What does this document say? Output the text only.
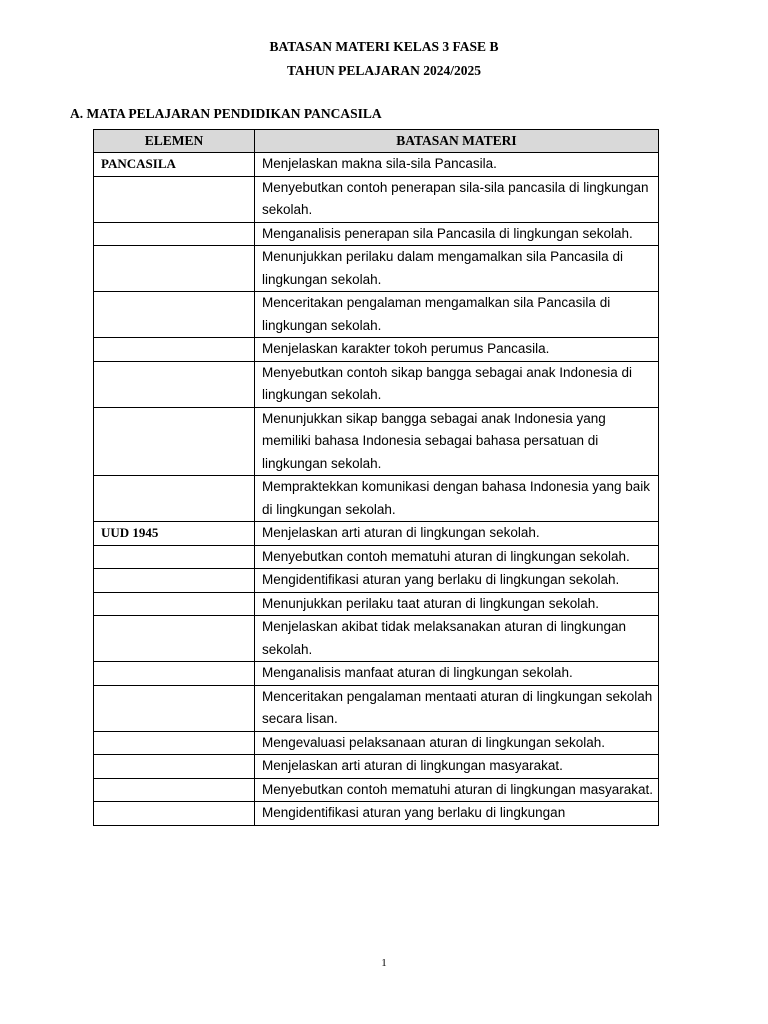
BATASAN MATERI KELAS 3 FASE B
TAHUN PELAJARAN 2024/2025
A. MATA PELAJARAN PENDIDIKAN PANCASILA
ELEMEN	BATASAN MATERI
PANCASILA	Menjelaskan makna sila-sila Pancasila.
	Menyebutkan contoh penerapan sila-sila pancasila di lingkungan sekolah.
	Menganalisis penerapan sila Pancasila di lingkungan sekolah.
	Menunjukkan perilaku dalam mengamalkan sila Pancasila di lingkungan sekolah.
	Menceritakan pengalaman mengamalkan sila Pancasila di lingkungan sekolah.
	Menjelaskan karakter tokoh perumus Pancasila.
	Menyebutkan contoh sikap bangga sebagai anak Indonesia di lingkungan sekolah.
	Menunjukkan sikap bangga sebagai anak Indonesia yang memiliki bahasa Indonesia sebagai bahasa persatuan di lingkungan sekolah.
	Mempraktekkan komunikasi dengan bahasa Indonesia yang baik di lingkungan sekolah.
UUD 1945	Menjelaskan arti aturan di lingkungan sekolah.
	Menyebutkan contoh mematuhi aturan di lingkungan sekolah.
	Mengidentifikasi aturan yang berlaku di lingkungan sekolah.
	Menunjukkan perilaku taat aturan di lingkungan sekolah.
	Menjelaskan akibat tidak melaksanakan aturan di lingkungan sekolah.
	Menganalisis manfaat aturan di lingkungan sekolah.
	Menceritakan pengalaman mentaati aturan di lingkungan sekolah secara lisan.
	Mengevaluasi pelaksanaan aturan di lingkungan sekolah.
	Menjelaskan arti aturan di lingkungan masyarakat.
	Menyebutkan contoh mematuhi aturan di lingkungan masyarakat.
	Mengidentifikasi aturan yang berlaku di lingkungan
1
